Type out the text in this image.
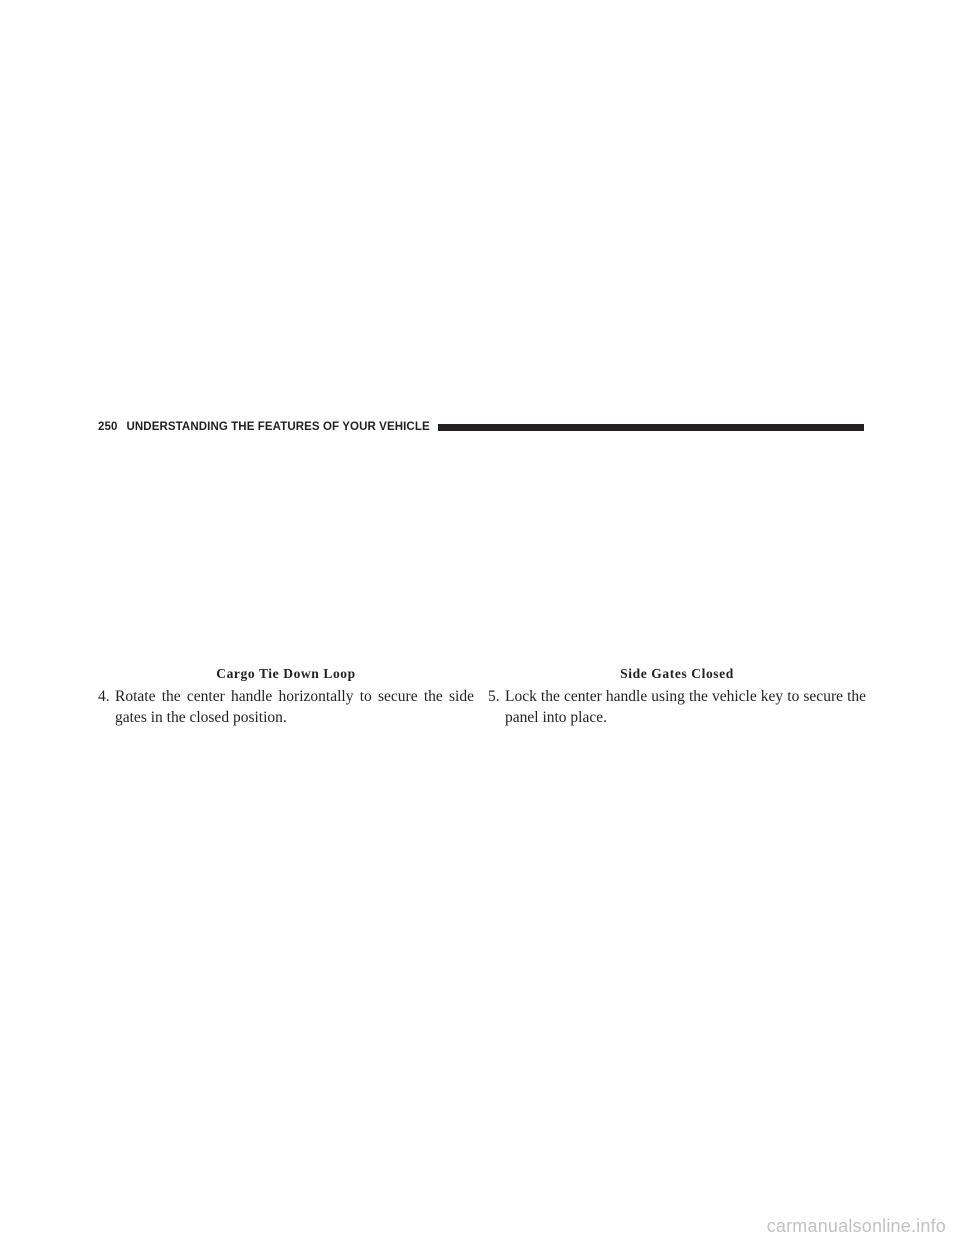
250 UNDERSTANDING THE FEATURES OF YOUR VEHICLE
Cargo Tie Down Loop
4. Rotate the center handle horizontally to secure the side gates in the closed position.
Side Gates Closed
5. Lock the center handle using the vehicle key to secure the panel into place.
carmanualsonline.info
